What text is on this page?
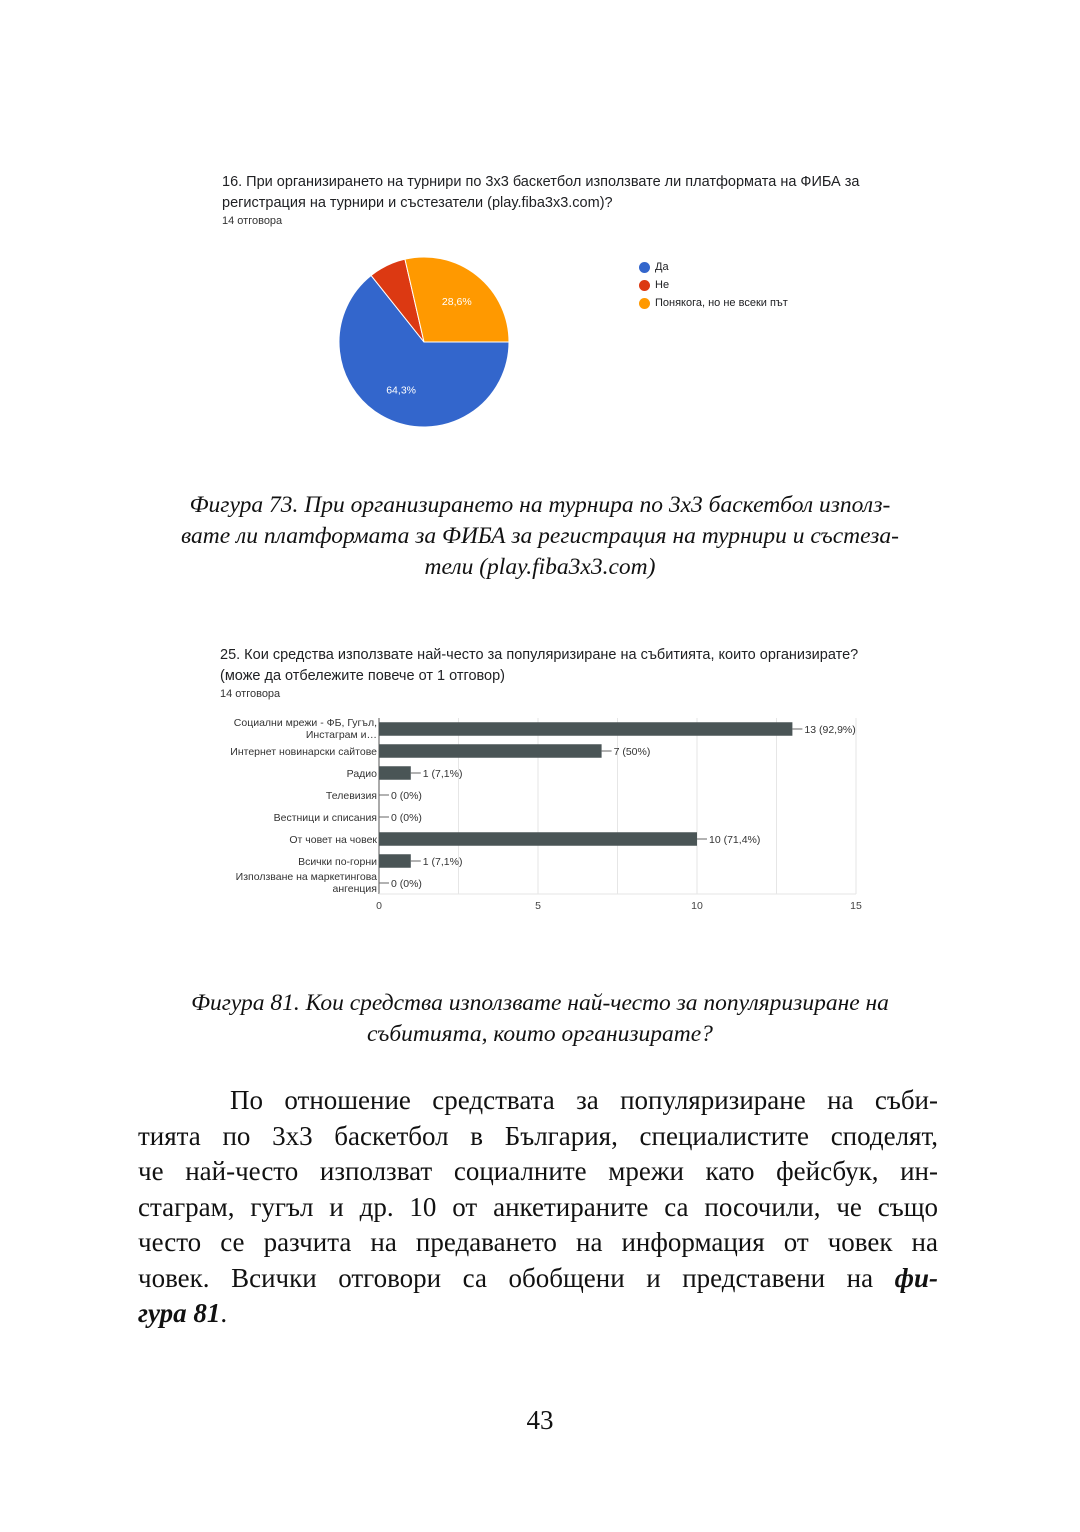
16. При организирането на турнири по 3x3 баскетбол използвате ли платформата на ФИБА за регистрация на турнири и състезатели (play.fiba3x3.com)?
14 отговора
64,3%
28,6%
Да
Не
Понякога, но не всеки път
Фигура 73. При организирането на турнира по 3x3 баскетбол използ-
вате ли платформата за ФИБА за регистрация на турнири и състеза-
тели (play.fiba3x3.com)
25. Кои средства използвате най-често за популяризиране на събитията, които организирате? (може да отбележите повече от 1 отговор)
14 отговора
Социални мрежи - ФБ, Гугъл, Инстаграм и…	13 (92,9%)
Интернет новинарски сайтове	7 (50%)
Радио	1 (7,1%)
Телевизия 0 (0%)
Вестници и списания 0 (0%)
От човет на човек	10 (71,4%)
Всички по-горни	1 (7,1%)
Използване на маркетингова ангенция 0 (0%)
0	5	10	15
Фигура 81. Кои средства използвате най-често за популяризиране на
събитията, които организирате?
По отношение средствата за популяризиране на съби-
тията по 3x3 баскетбол в България, специалистите споделят,
че най-често използват социалните мрежи като фейсбук, ин-
стаграм, гугъл и др. 10 от анкетираните са посочили, че също
често се разчита на предаването на информация от човек на
човек. Всички отговори са обобщени и представени на фи-
гура 81.
43
